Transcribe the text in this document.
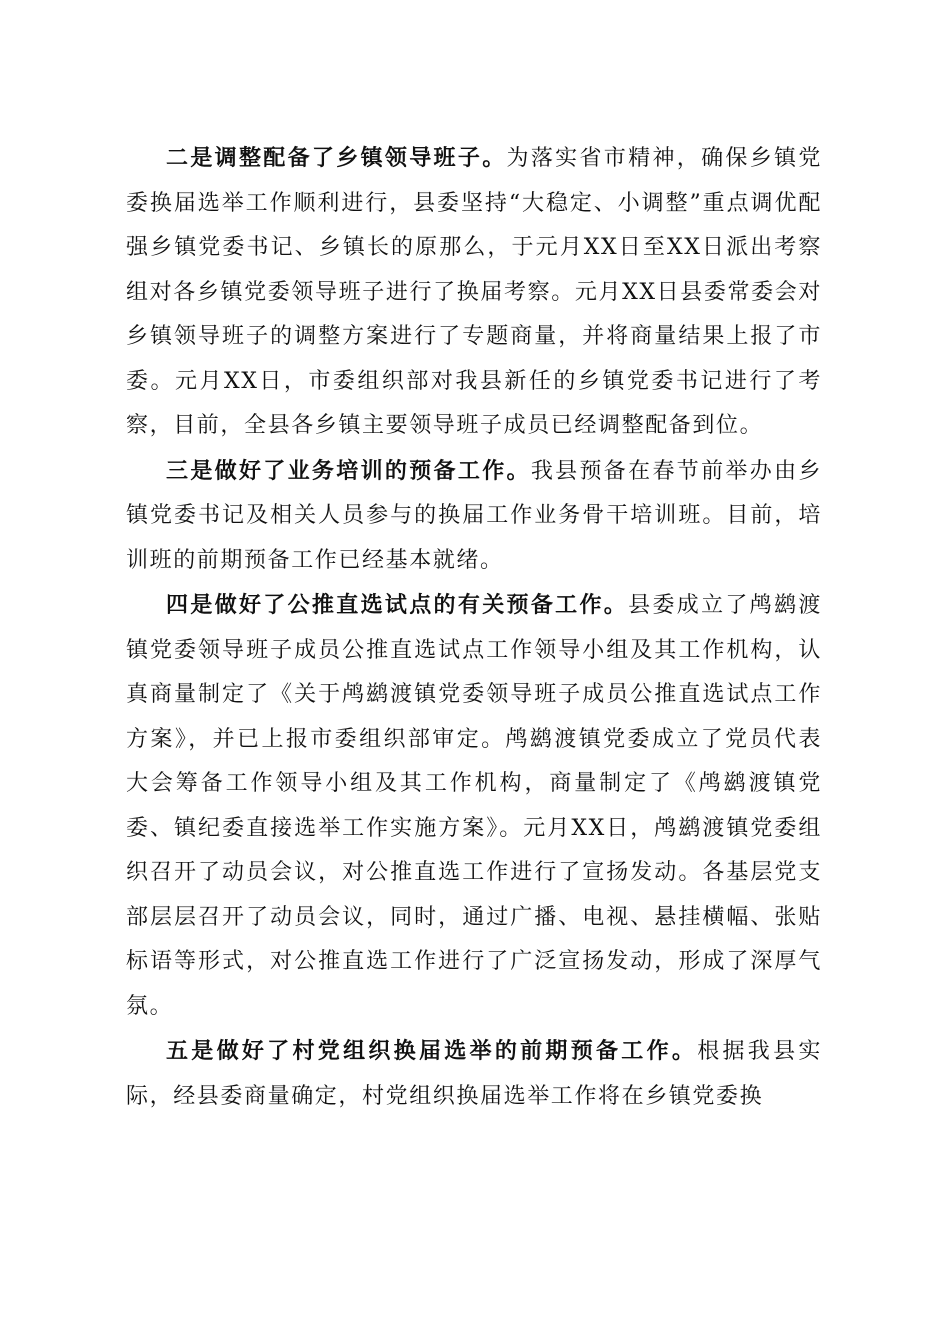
二是调整配备了乡镇领导班子。为落实省市精神，确保乡镇党委换届选举工作顺利进行，县委坚持“大稳定、小调整”重点调优配强乡镇党委书记、乡镇长的原那么，于元月XX日至XX日派出考察组对各乡镇党委领导班子进行了换届考察。元月XX日县委常委会对乡镇领导班子的调整方案进行了专题商量，并将商量结果上报了市委。元月XX日，市委组织部对我县新任的乡镇党委书记进行了考察，目前，全县各乡镇主要领导班子成员已经调整配备到位。

三是做好了业务培训的预备工作。我县预备在春节前举办由乡镇党委书记及相关人员参与的换届工作业务骨干培训班。目前，培训班的前期预备工作已经基本就绪。

四是做好了公推直选试点的有关预备工作。县委成立了鸬鹚渡镇党委领导班子成员公推直选试点工作领导小组及其工作机构，认真商量制定了《关于鸬鹚渡镇党委领导班子成员公推直选试点工作方案》，并已上报市委组织部审定。鸬鹚渡镇党委成立了党员代表大会筹备工作领导小组及其工作机构，商量制定了《鸬鹚渡镇党委、镇纪委直接选举工作实施方案》。元月XX日，鸬鹚渡镇党委组织召开了动员会议，对公推直选工作进行了宣扬发动。各基层党支部层层召开了动员会议，同时，通过广播、电视、悬挂横幅、张贴标语等形式，对公推直选工作进行了广泛宣扬发动，形成了深厚气氛。

五是做好了村党组织换届选举的前期预备工作。根据我县实际，经县委商量确定，村党组织换届选举工作将在乡镇党委换
